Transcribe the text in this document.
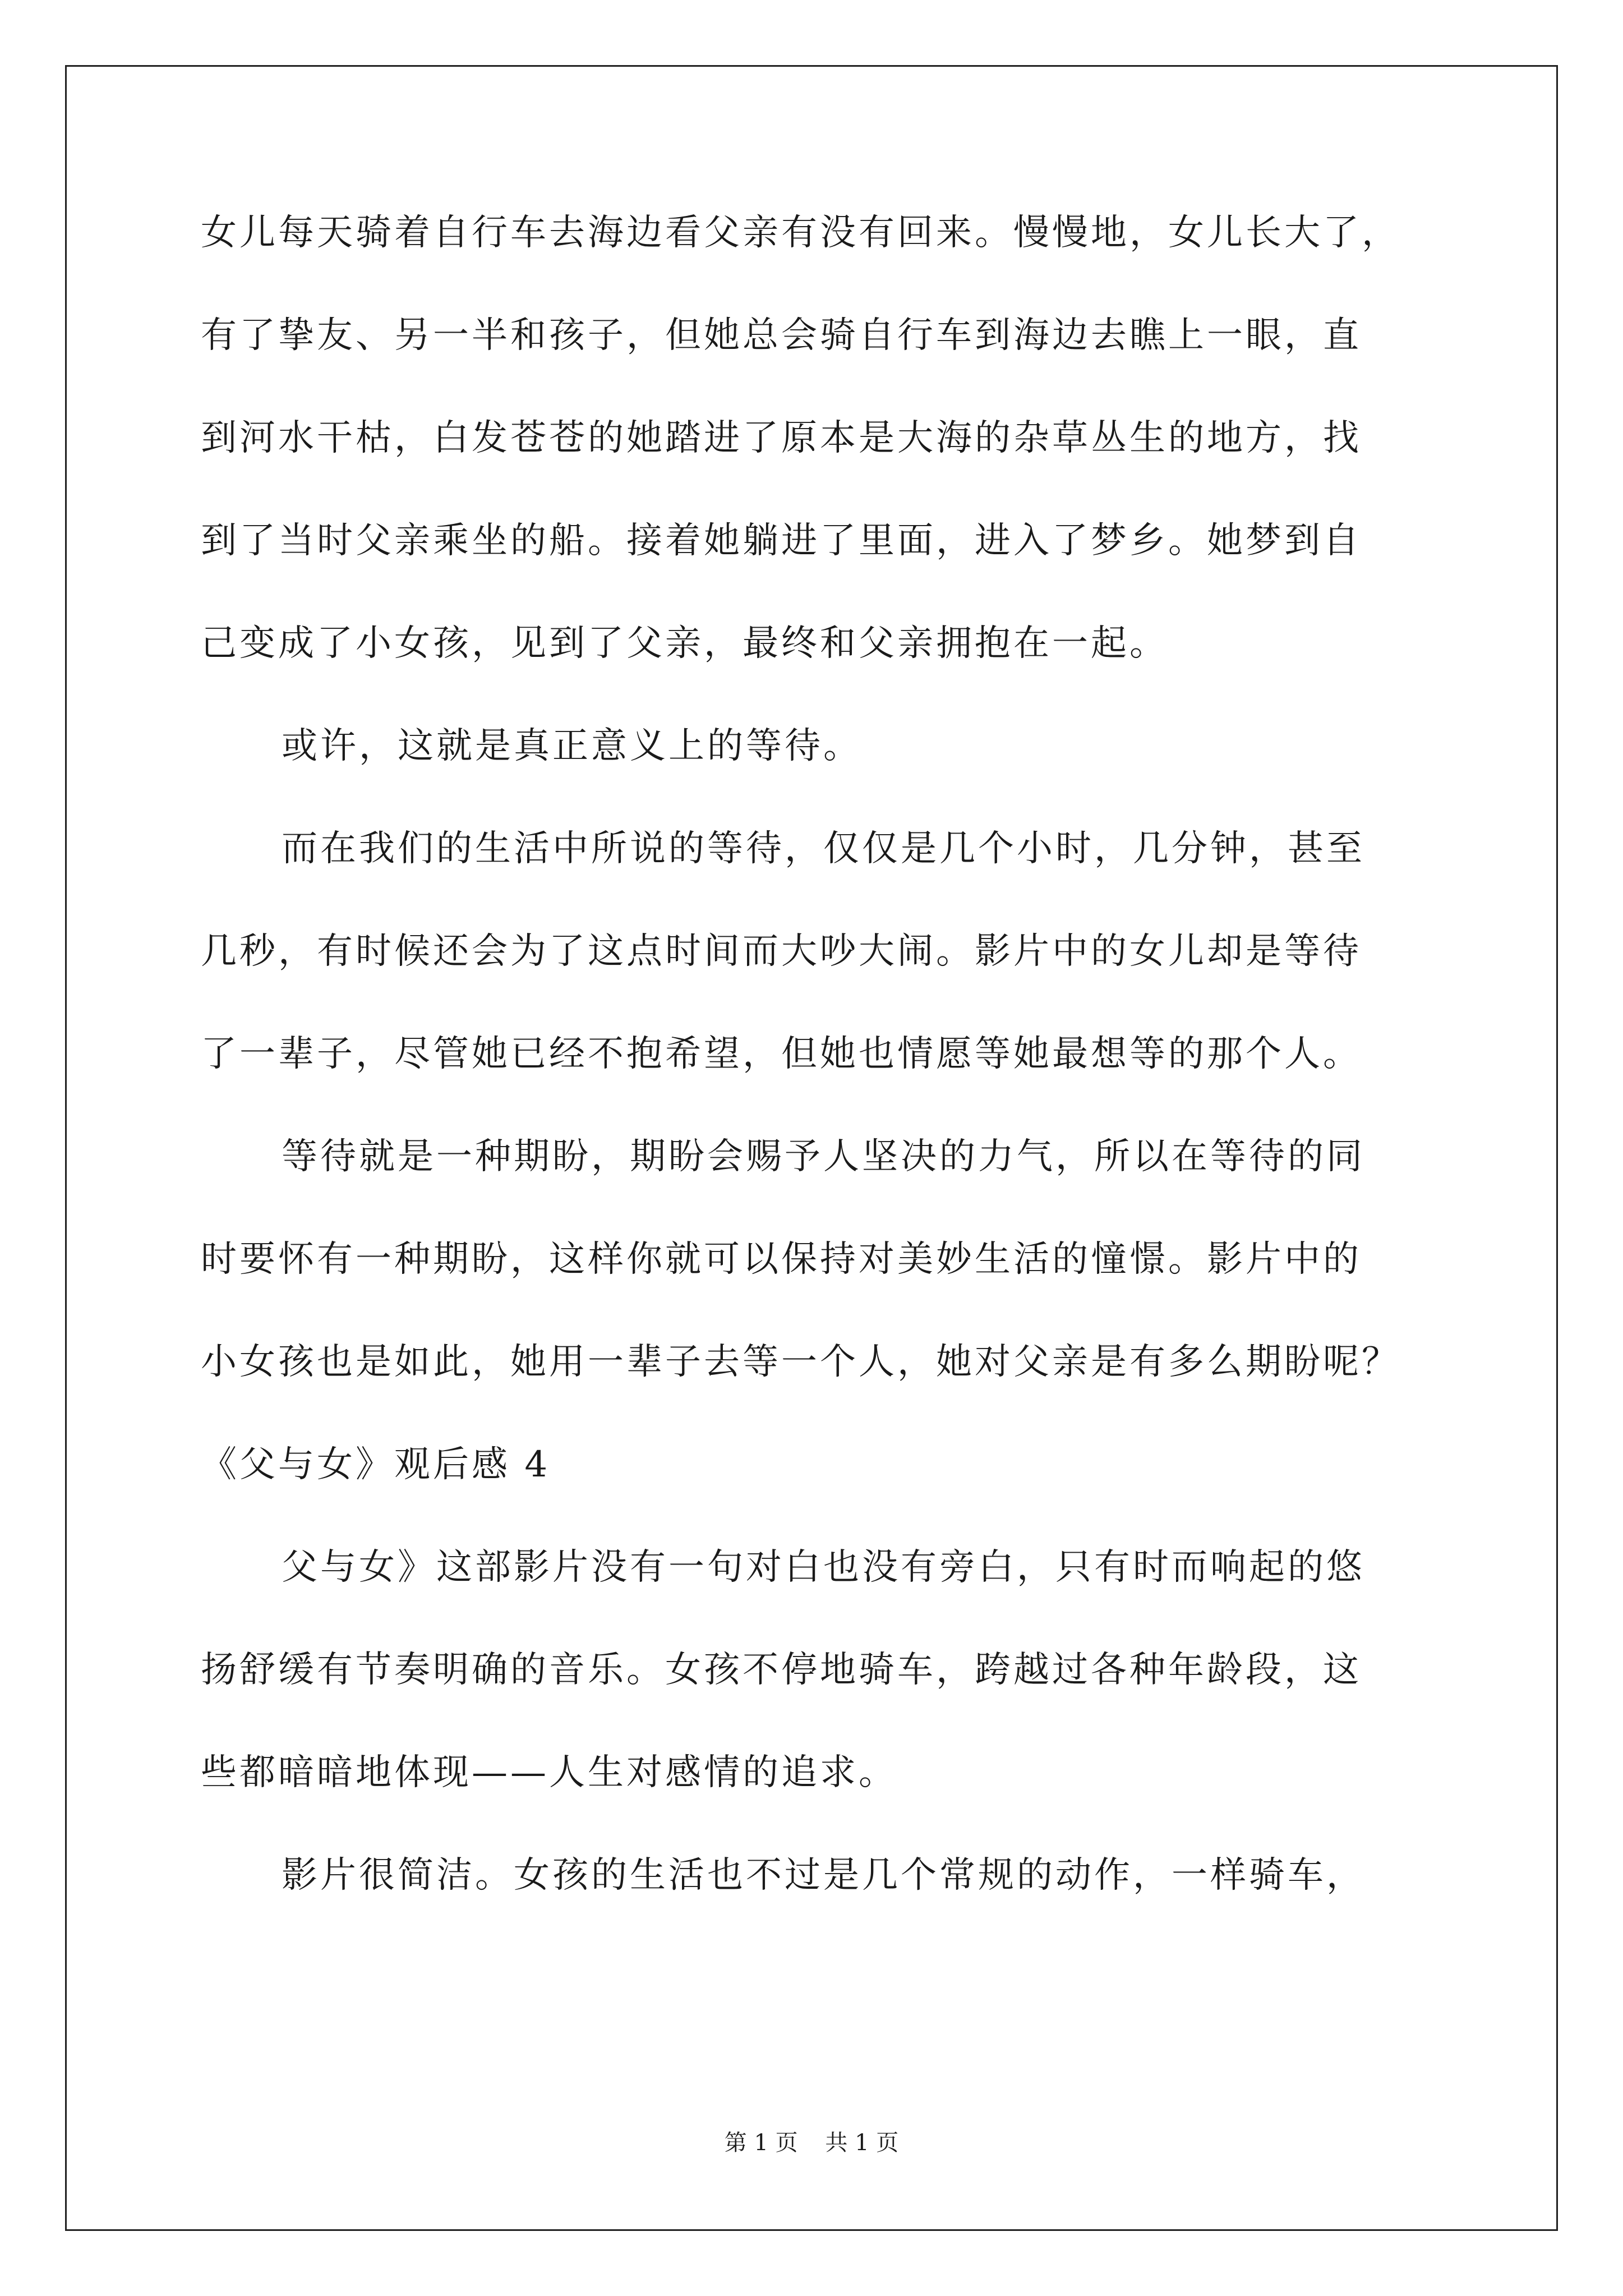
女儿每天骑着自行车去海边看父亲有没有回来。慢慢地，女儿长大了，
有了挚友、另一半和孩子，但她总会骑自行车到海边去瞧上一眼，直
到河水干枯，白发苍苍的她踏进了原本是大海的杂草丛生的地方，找
到了当时父亲乘坐的船。接着她躺进了里面，进入了梦乡。她梦到自
己变成了小女孩，见到了父亲，最终和父亲拥抱在一起。
或许，这就是真正意义上的等待。
而在我们的生活中所说的等待，仅仅是几个小时，几分钟，甚至
几秒，有时候还会为了这点时间而大吵大闹。影片中的女儿却是等待
了一辈子，尽管她已经不抱希望，但她也情愿等她最想等的那个人。
等待就是一种期盼，期盼会赐予人坚决的力气，所以在等待的同
时要怀有一种期盼，这样你就可以保持对美妙生活的憧憬。影片中的
小女孩也是如此，她用一辈子去等一个人，她对父亲是有多么期盼呢？
《父与女》观后感 4
父与女》这部影片没有一句对白也没有旁白，只有时而响起的悠
扬舒缓有节奏明确的音乐。女孩不停地骑车，跨越过各种年龄段，这
些都暗暗地体现——人生对感情的追求。
影片很简洁。女孩的生活也不过是几个常规的动作，一样骑车，
第 1 页 共 1 页
